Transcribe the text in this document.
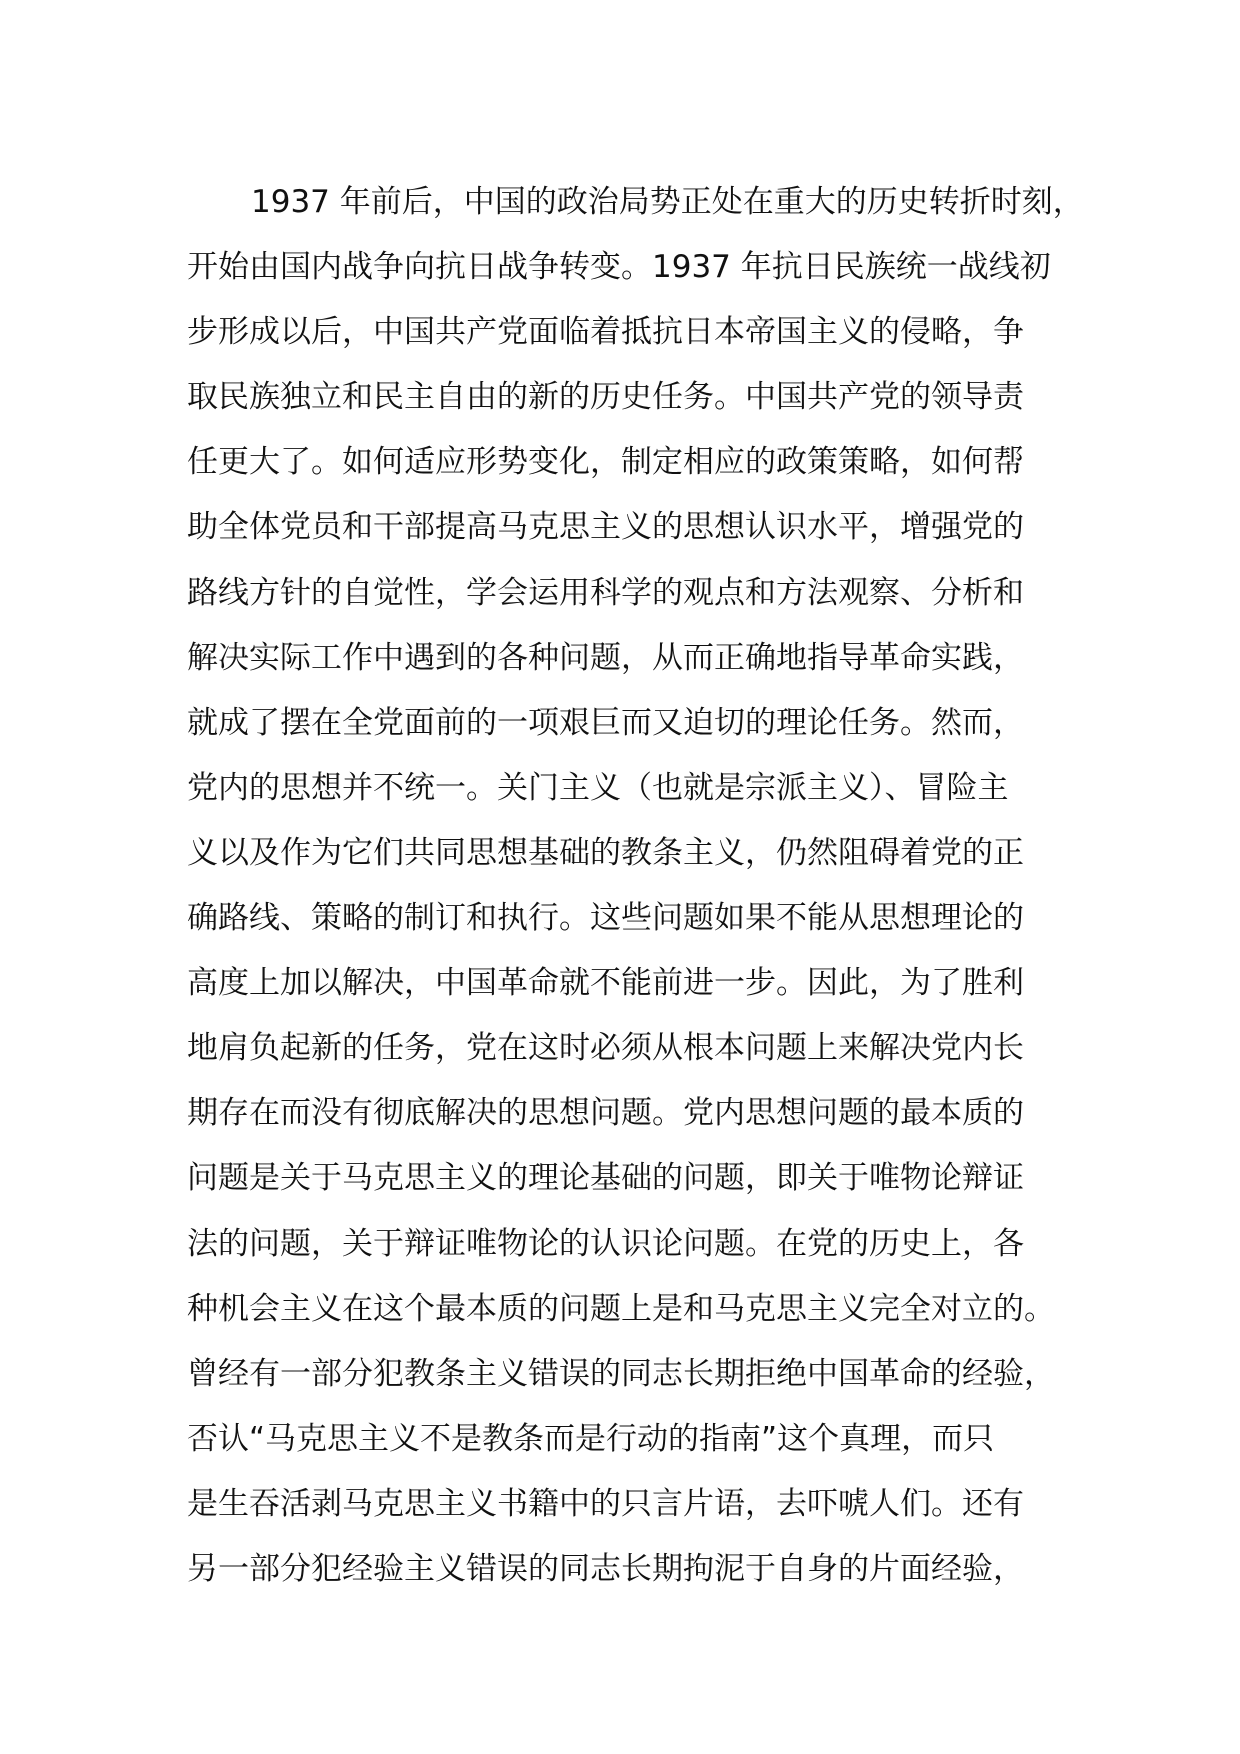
1937 年前后，中国的政治局势正处在重大的历史转折时刻，
开始由国内战争向抗日战争转变。1937 年抗日民族统一战线初
步形成以后，中国共产党面临着抵抗日本帝国主义的侵略，争
取民族独立和民主自由的新的历史任务。中国共产党的领导责
任更大了。如何适应形势变化，制定相应的政策策略，如何帮
助全体党员和干部提高马克思主义的思想认识水平，增强党的
路线方针的自觉性，学会运用科学的观点和方法观察、分析和
解决实际工作中遇到的各种问题，从而正确地指导革命实践，
就成了摆在全党面前的一项艰巨而又迫切的理论任务。然而，
党内的思想并不统一。关门主义（也就是宗派主义）、冒险主
义以及作为它们共同思想基础的教条主义，仍然阻碍着党的正
确路线、策略的制订和执行。这些问题如果不能从思想理论的
高度上加以解决，中国革命就不能前进一步。因此，为了胜利
地肩负起新的任务，党在这时必须从根本问题上来解决党内长
期存在而没有彻底解决的思想问题。党内思想问题的最本质的
问题是关于马克思主义的理论基础的问题，即关于唯物论辩证
法的问题，关于辩证唯物论的认识论问题。在党的历史上，各
种机会主义在这个最本质的问题上是和马克思主义完全对立的。
曾经有一部分犯教条主义错误的同志长期拒绝中国革命的经验，
否认“马克思主义不是教条而是行动的指南”这个真理，而只
是生吞活剥马克思主义书籍中的只言片语，去吓唬人们。还有
另一部分犯经验主义错误的同志长期拘泥于自身的片面经验，
